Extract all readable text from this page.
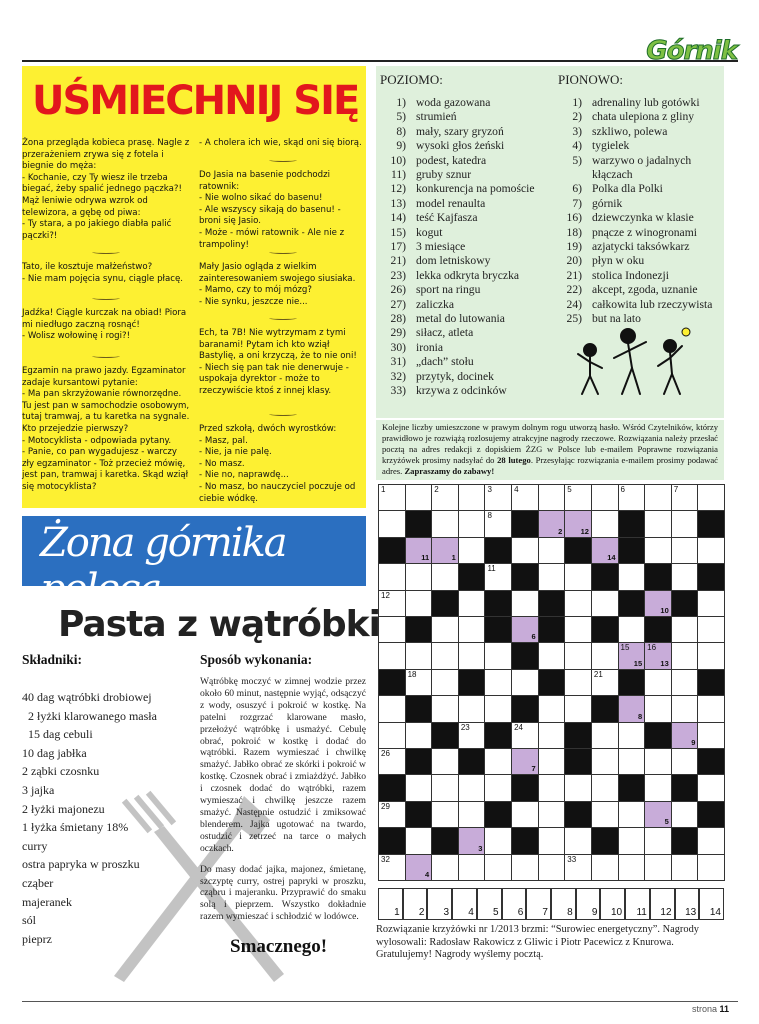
Górnik
UŚMIECHNIJ SIĘ

Żona przegląda kobieca prasę. Nagle z przerażeniem zrywa się z fotela i biegnie do męża:

- Kochanie, czy Ty wiesz ile trzeba biegać, żeby spalić jednego pączka?!

Mąż leniwie odrywa wzrok od telewizora, a gębę od piwa:

- Ty stara, a po jakiego diabła palić pączki?!

Tato, ile kosztuje małżeństwo?

- Nie mam pojęcia synu, ciągle płacę.

Jadźka! Ciągle kurczak na obiad! Piora mi niedługo zaczną rosnąć!

- Wolisz wołowinę i rogi?!

Egzamin na prawo jazdy. Egzaminator zadaje kursantowi pytanie:

- Ma pan skrzyżowanie równorzędne. Tu jest pan w samochodzie osobowym, tutaj tramwaj, a tu karetka na sygnale. Kto przejedzie pierwszy?

- Motocyklista - odpowiada pytany.

- Panie, co pan wygadujesz - warczy zły egzaminator - Toż przecież mówię, jest pan, tramwaj i karetka. Skąd wziął się motocyklista?

- A cholera ich wie, skąd oni się biorą.

Do Jasia na basenie podchodzi ratownik:

- Nie wolno sikać do basenu!

- Ale wszyscy sikają do basenu! - broni się Jasio.

- Może - mówi ratownik - Ale nie z trampoliny!

Mały Jasio ogląda z wielkim zainteresowaniem swojego siusiaka.

- Mamo, czy to mój mózg?

- Nie synku, jeszcze nie...

Ech, ta 7B! Nie wytrzymam z tymi baranami! Pytam ich kto wziął Bastylię, a oni krzyczą, że to nie oni!

- Niech się pan tak nie denerwuje - uspokaja dyrektor - może to rzeczywiście ktoś z innej klasy.

Przed szkołą, dwóch wyrostków:

- Masz, pal.

- Nie, ja nie palę.

- No masz.

- Nie no, naprawdę...

- No masz, bo nauczyciel poczuje od ciebie wódkę.

POZIOMO:	PIONOWO:
1) woda gazowana
5) strumień
8) mały, szary gryzoń
9) wysoki głos żeński
10) podest, katedra
11) gruby sznur
12) konkurencja na pomoście
13) model renaulta
14) teść Kajfasza
15) kogut
17) 3 miesiące
21) dom letniskowy
23) lekka odkryta bryczka
26) sport na ringu
27) zaliczka
28) metal do lutowania
29) siłacz, atleta
30) ironia
31) „dach” stołu
32) przytyk, docinek
33) krzywa z odcinków
1) adrenaliny lub gotówki
2) chata ulepiona z gliny
3) szkliwo, polewa
4) tygielek
5) warzywo o jadalnych
kłączach
6) Polka dla Polki
7) górnik
16) dziewczynka w klasie
18) pnącze z winogronami
19) azjatycki taksówkarz
20) płyn w oku
21) stolica Indonezji
22) akcept, zgoda, uznanie
24) całkowita lub rzeczywista
25) but na lato
Kolejne liczby umieszczone w prawym dolnym rogu utworzą hasło. Wśród Czytelników, którzy prawidłowo je rozwiążą rozlosujemy atrakcyjne nagrody rzeczowe. Rozwiązania należy przesłać pocztą na adres redakcji z dopiskiem ŻZG w Polsce lub e-mailem Poprawne rozwiązania krzyżówek prosimy nadsyłać do 28 lutego. Przesyłając rozwiązania e-mailem prosimy podawać adres. Zapraszamy do zabawy!
1	2	3	4	5	6	7
8
2 12
11	1	14
11
12
10
6
15
15
16
13
18	21
8
23	24
9
26
7
29
5
3
32
4
33
1 2 3 4 5 6 7 8 9 10 11 12 13 14
Rozwiązanie krzyżówki nr 1/2013 brzmi: “Surowiec energetyczny”. Nagrody wylosowali: Radosław Rakowicz z Gliwic i Piotr Pacewicz z Knurowa. Gratulujemy! Nagrody wyślemy pocztą.
Żona górnika poleca...
Pasta z wątróbki
Składniki:	Sposób wykonania:
40 dag wątróbki drobiowej
2 łyżki klarowanego masła
15 dag cebuli
10 dag jabłka
2 ząbki czosnku
3 jajka
2 łyżki majonezu
1 łyżka śmietany 18%
curry
ostra papryka w proszku
cząber
majeranek
sól
pieprz

Wątróbkę moczyć w zimnej wodzie przez około 60 minut, następnie wyjąć, odsączyć z wody, osuszyć i pokroić w kostkę. Na patelni rozgrzać klarowane masło, przełożyć wątróbkę i usmażyć. Cebulę obrać, pokroić w kostkę i dodać do wątróbki. Razem wymieszać i chwilkę smażyć. Jabłko obrać ze skórki i pokroić w kostkę. Czosnek obrać i zmiażdżyć. Jabłko i czosnek dodać do wątróbki, razem wymieszać i chwilkę jeszcze razem smażyć. Następnie ostudzić i zmiksować blenderem. Jajka ugotować na twardo, ostudzić i zetrzeć na tarce o małych oczkach.

Do masy dodać jajka, majonez, śmietanę, szczyptę curry, ostrej papryki w proszku, cząbru i majeranku. Przyprawić do smaku solą i pieprzem. Wszystko dokładnie razem wymieszać i schłodzić w lodówce.

Smacznego!
strona 11
